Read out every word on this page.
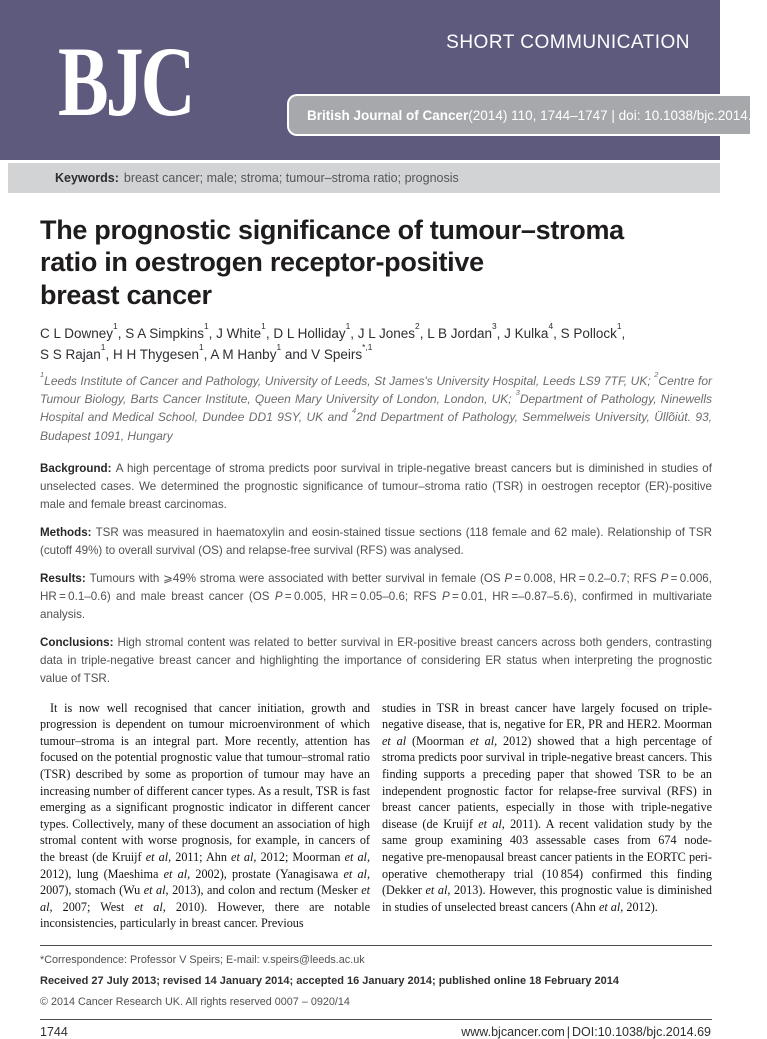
BJC	SHORT COMMUNICATION
British Journal of Cancer (2014) 110, 1744–1747 | doi: 10.1038/bjc.2014.69
Keywords: breast cancer; male; stroma; tumour–stroma ratio; prognosis
The prognostic significance of tumour–stroma
ratio in oestrogen receptor-positive
breast cancer

C L Downey$^1$, S A Simpkins$^1$, J White$^1$, D L Holliday$^1$, J L Jones$^2$, L B Jordan$^3$, J Kulka$^4$, S Pollock$^1$,
S S Rajan$^1$, H H Thygesen$^1$, A M Hanby$^1$ and V Speirs$^{*,1}$

$^1$Leeds Institute of Cancer and Pathology, University of Leeds, St James's University Hospital, Leeds LS9 7TF, UK; $^2$Centre for Tumour Biology, Barts Cancer Institute, Queen Mary University of London, London, UK; $^3$Department of Pathology, Ninewells Hospital and Medical School, Dundee DD1 9SY, UK and $^4$2nd Department of Pathology, Semmelweis University, Üllõiút. 93, Budapest 1091, Hungary

Background: A high percentage of stroma predicts poor survival in triple-negative breast cancers but is diminished in studies of unselected cases. We determined the prognostic significance of tumour–stroma ratio (TSR) in oestrogen receptor (ER)-positive male and female breast carcinomas.

Methods: TSR was measured in haematoxylin and eosin-stained tissue sections (118 female and 62 male). Relationship of TSR (cutoff 49%) to overall survival (OS) and relapse-free survival (RFS) was analysed.

Results: Tumours with ⩾49% stroma were associated with better survival in female (OS P = 0.008, HR = 0.2–0.7; RFS P = 0.006, HR = 0.1–0.6) and male breast cancer (OS P = 0.005, HR = 0.05–0.6; RFS P = 0.01, HR =–0.87–5.6), confirmed in multivariate analysis.

Conclusions: High stromal content was related to better survival in ER-positive breast cancers across both genders, contrasting data in triple-negative breast cancer and highlighting the importance of considering ER status when interpreting the prognostic value of TSR.

It is now well recognised that cancer initiation, growth and progression is dependent on tumour microenvironment of which tumour–stroma is an integral part. More recently, attention has focused on the potential prognostic value that tumour–stromal ratio (TSR) described by some as proportion of tumour may have an increasing number of different cancer types. As a result, TSR is fast emerging as a significant prognostic indicator in different cancer types. Collectively, many of these document an association of high stromal content with worse prognosis, for example, in cancers of the breast (de Kruijf et al, 2011; Ahn et al, 2012; Moorman et al, 2012), lung (Maeshima et al, 2002), prostate (Yanagisawa et al, 2007), stomach (Wu et al, 2013), and colon and rectum (Mesker et al, 2007; West et al, 2010). However, there are notable inconsistencies, particularly in breast cancer. Previous

studies in TSR in breast cancer have largely focused on triple-negative disease, that is, negative for ER, PR and HER2. Moorman et al (Moorman et al, 2012) showed that a high percentage of stroma predicts poor survival in triple-negative breast cancers. This finding supports a preceding paper that showed TSR to be an independent prognostic factor for relapse-free survival (RFS) in breast cancer patients, especially in those with triple-negative disease (de Kruijf et al, 2011). A recent validation study by the same group examining 403 assessable cases from 674 node-negative pre-menopausal breast cancer patients in the EORTC peri-operative chemotherapy trial (10 854) confirmed this finding (Dekker et al, 2013). However, this prognostic value is diminished in studies of unselected breast cancers (Ahn et al, 2012).

*Correspondence: Professor V Speirs; E-mail: v.speirs@leeds.ac.uk

Received 27 July 2013; revised 14 January 2014; accepted 16 January 2014; published online 18 February 2014

© 2014 Cancer Research UK. All rights reserved 0007 – 0920/14

1744	www.bjcancer.com | DOI:10.1038/bjc.2014.69
